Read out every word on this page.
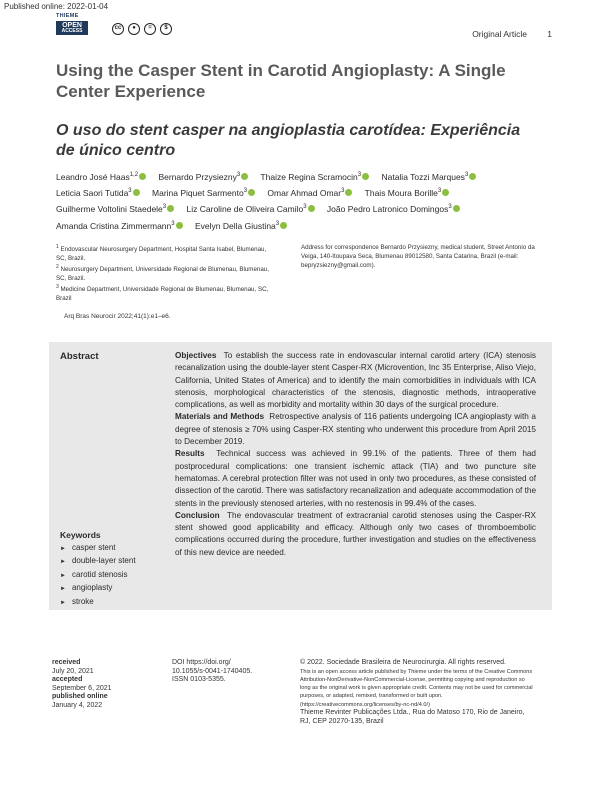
Published online: 2022-01-04
THIEME
OPEN
ACCESS	cc	●	=	$
Original Article 1
Using the Casper Stent in Carotid Angioplasty: A Single Center Experience
O uso do stent casper na angioplastia carotídea: Experiência de único centro
Leandro José Haas$^{1,2}$ Bernardo Przysiezny$^3$ Thaize Regina Scramocin$^3$ Natalia Tozzi Marques$^3$
Leticia Saori Tutida$^3$ Marina Piquet Sarmento$^3$ Omar Ahmad Omar$^3$ Thais Moura Borille$^3$
Guilherme Voltolini Staedele$^3$ Liz Caroline de Oliveira Camilo$^3$ João Pedro Latronico Domingos$^3$
Amanda Cristina Zimmermann$^3$ Evelyn Della Giustina$^3$
$^1$ Endovascular Neurosurgery Department, Hospital Santa Isabel, Blumenau, SC, Brazil.
$^2$ Neurosurgery Department, Universidade Regional de Blumenau, Blumenau, SC, Brazil.
$^3$ Medicine Department, Universidade Regional de Blumenau, Blumenau, SC, Brazil
Address for correspondence Bernardo Przysiezny, medical student, Street Antonio da Veiga, 140-Itoupava Seca, Blumenau 89012580, Santa Catarina, Brazil (e-mail: bepryzsiezny@gmail.com).
Arq Bras Neurocir 2022;41(1):e1–e6.
Abstract	Objectives To establish the success rate in endovascular internal carotid artery (ICA) stenosis recanalization using the double-layer stent Casper-RX (Microvention, Inc 35 Enterprise, Aliso Viejo, California, United States of America) and to identify the main comorbidities in individuals with ICA stenosis, morphological characteristics of the stenosis, diagnostic methods, intraoperative complications, as well as morbidity and mortality within 30 days of the surgical procedure.
Materials and Methods Retrospective analysis of 116 patients undergoing ICA angioplasty with a degree of stenosis ≥ 70% using Casper-RX stenting who underwent this procedure from April 2015 to December 2019.
Results Technical success was achieved in 99.1% of the patients. Three of them had postprocedural complications: one transient ischemic attack (TIA) and two puncture site hematomas. A cerebral protection filter was not used in only two procedures, as these consisted of dissection of the carotid. There was satisfactory recanalization and adequate accommodation of the stents in the previously stenosed arteries, with no restenosis in 99.4% of the cases.
Conclusion The endovascular treatment of extracranial carotid stenoses using the Casper-RX stent showed good applicability and efficacy. Although only two cases of thromboembolic complications occurred during the procedure, further investigation and studies on the effectiveness of this new device are needed.
Keywords
► casper stent
► double-layer stent
► carotid stenosis
► angioplasty
► stroke
received
July 20, 2021
accepted
September 6, 2021
published online
January 4, 2022
DOI https://doi.org/
10.1055/s-0041-1740405.
ISSN 0103-5355.
© 2022. Sociedade Brasileira de Neurocirurgia. All rights reserved.
This is an open access article published by Thieme under the terms of the Creative Commons Attribution-NonDerivative-NonCommercial-License, permitting copying and reproduction so long as the original work is given appropriate credit. Contents may not be used for commercial purposes, or adapted, remixed, transformed or built upon. (https://creativecommons.org/licenses/by-nc-nd/4.0/)
Thieme Revinter Publicações Ltda., Rua do Matoso 170, Rio de Janeiro, RJ, CEP 20270-135, Brazil
